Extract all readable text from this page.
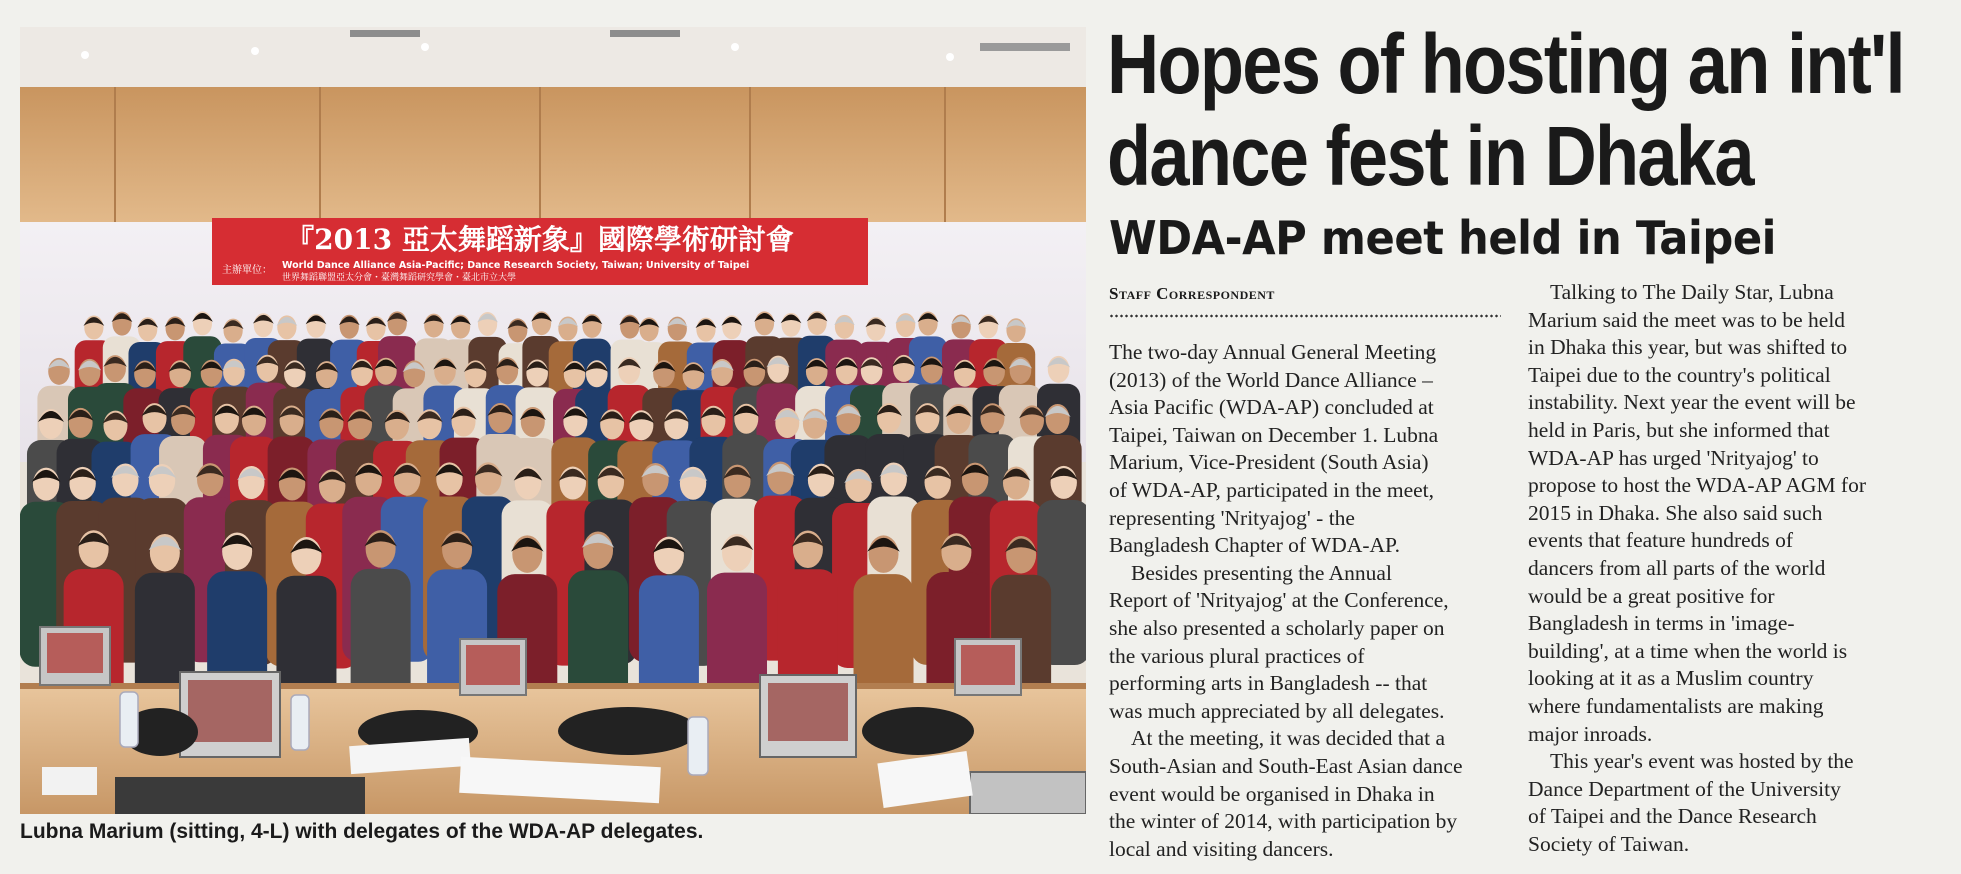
『2013 亞太舞蹈新象』國際學術研討會
主辦單位： World Dance Alliance Asia-Pacific; Dance Research Society, Taiwan; University of Taipei
世界舞蹈聯盟亞太分會・臺灣舞蹈研究學會・臺北市立大學
Lubna Marium (sitting, 4-L) with delegates of the WDA-AP delegates.
Hopes of hosting an int'l
dance fest in Dhaka
WDA-AP meet held in Taipei
Staff Correspondent

The two-day Annual General Meeting

(2013) of the World Dance Alliance –

Asia Pacific (WDA-AP) concluded at

Taipei, Taiwan on December 1. Lubna

Marium, Vice-President (South Asia)

of WDA-AP, participated in the meet,

representing 'Nrityajog' - the

Bangladesh Chapter of WDA-AP.

Besides presenting the Annual

Report of 'Nrityajog' at the Conference,

she also presented a scholarly paper on

the various plural practices of

performing arts in Bangladesh -- that

was much appreciated by all delegates.

At the meeting, it was decided that a

South-Asian and South-East Asian dance

event would be organised in Dhaka in

the winter of 2014, with participation by

local and visiting dancers.

Talking to The Daily Star, Lubna

Marium said the meet was to be held

in Dhaka this year, but was shifted to

Taipei due to the country's political

instability. Next year the event will be

held in Paris, but she informed that

WDA-AP has urged 'Nrityajog' to

propose to host the WDA-AP AGM for

2015 in Dhaka. She also said such

events that feature hundreds of

dancers from all parts of the world

would be a great positive for

Bangladesh in terms in 'image-

building', at a time when the world is

looking at it as a Muslim country

where fundamentalists are making

major inroads.

This year's event was hosted by the

Dance Department of the University

of Taipei and the Dance Research

Society of Taiwan.
